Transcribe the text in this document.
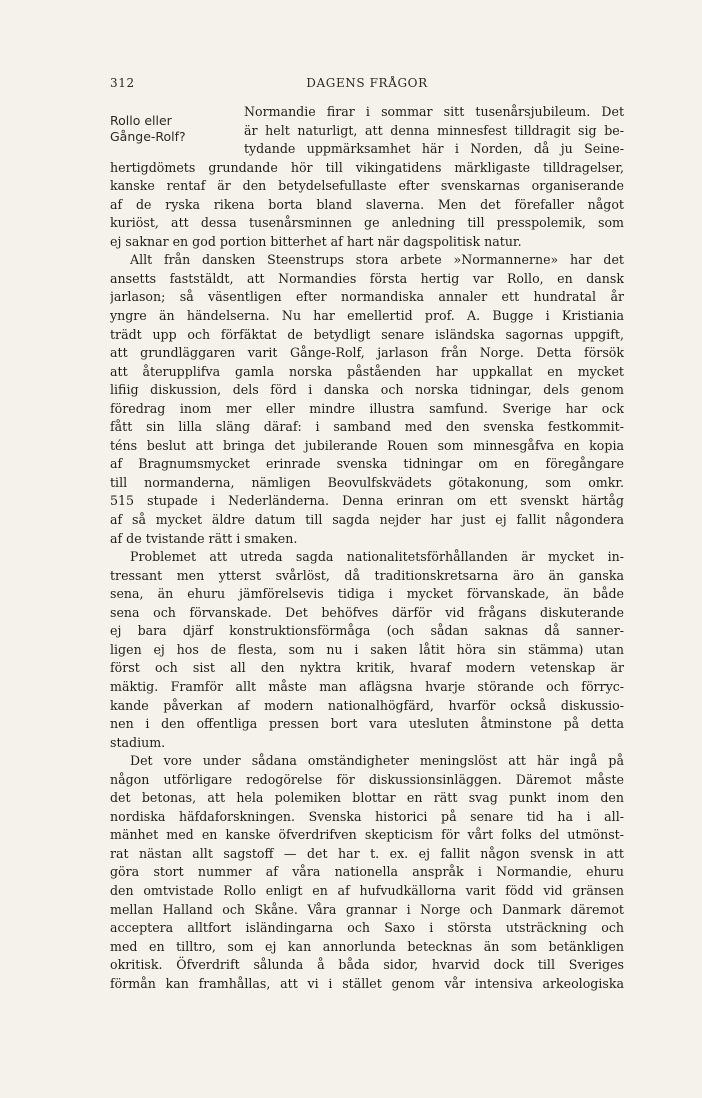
312	DAGENS FRÅGOR
Rollo eller
Gånge-Rolf?
Normandie firar i sommar sitt tusenårsjubileum. Det
är helt naturligt, att denna minnesfest tilldragit sig be-
tydande uppmärksamhet här i Norden, då ju Seine-
hertigdömets grundande hör till vikingatidens märkligaste tilldragelser,
kanske rentaf är den betydelsefullaste efter svenskarnas organiserande
af de ryska rikena borta bland slaverna. Men det förefaller något
kuriöst, att dessa tusenårsminnen ge anledning till presspolemik, som
ej saknar en god portion bitterhet af hart när dagspolitisk natur.
Allt från dansken Steenstrups stora arbete »Normannerne» har det
ansetts faststäldt, att Normandies första hertig var Rollo, en dansk
jarlason; så väsentligen efter normandiska annaler ett hundratal år
yngre än händelserna. Nu har emellertid prof. A. Bugge i Kristiania
trädt upp och förfäktat de betydligt senare isländska sagornas uppgift,
att grundläggaren varit Gånge-Rolf, jarlason från Norge. Detta försök
att återupplifva gamla norska påståenden har uppkallat en mycket
lifiig diskussion, dels förd i danska och norska tidningar, dels genom
föredrag inom mer eller mindre illustra samfund. Sverige har ock
fått sin lilla släng däraf: i samband med den svenska festkommit-
téns beslut att bringa det jubilerande Rouen som minnesgåfva en kopia
af Bragnumsmycket erinrade svenska tidningar om en föregångare
till normanderna, nämligen Beovulfskvädets götakonung, som omkr.
515 stupade i Nederländerna. Denna erinran om ett svenskt härtåg
af så mycket äldre datum till sagda nejder har just ej fallit någondera
af de tvistande rätt i smaken.
Problemet att utreda sagda nationalitetsförhållanden är mycket in-
tressant men ytterst svårlöst, då traditionskretsarna äro än ganska
sena, än ehuru jämförelsevis tidiga i mycket förvanskade, än både
sena och förvanskade. Det behöfves därför vid frågans diskuterande
ej bara djärf konstruktionsförmåga (och sådan saknas då sanner-
ligen ej hos de flesta, som nu i saken låtit höra sin stämma) utan
först och sist all den nyktra kritik, hvaraf modern vetenskap är
mäktig. Framför allt måste man aflägsna hvarje störande och förryc-
kande påverkan af modern nationalhögfärd, hvarför också diskussio-
nen i den offentliga pressen bort vara utesluten åtminstone på detta
stadium.
Det vore under sådana omständigheter meningslöst att här ingå på
någon utförligare redogörelse för diskussionsinläggen. Däremot måste
det betonas, att hela polemiken blottar en rätt svag punkt inom den
nordiska häfdaforskningen. Svenska historici på senare tid ha i all-
mänhet med en kanske öfverdrifven skepticism för vårt folks del utmönst-
rat nästan allt sagstoff — det har t. ex. ej fallit någon svensk in att
göra stort nummer af våra nationella anspråk i Normandie, ehuru
den omtvistade Rollo enligt en af hufvudkällorna varit född vid gränsen
mellan Halland och Skåne. Våra grannar i Norge och Danmark däremot
acceptera alltfort isländingarna och Saxo i största utsträckning och
med en tilltro, som ej kan annorlunda betecknas än som betänkligen
okritisk. Öfverdrift sålunda å båda sidor, hvarvid dock till Sveriges
förmån kan framhållas, att vi i stället genom vår intensiva arkeologiska
